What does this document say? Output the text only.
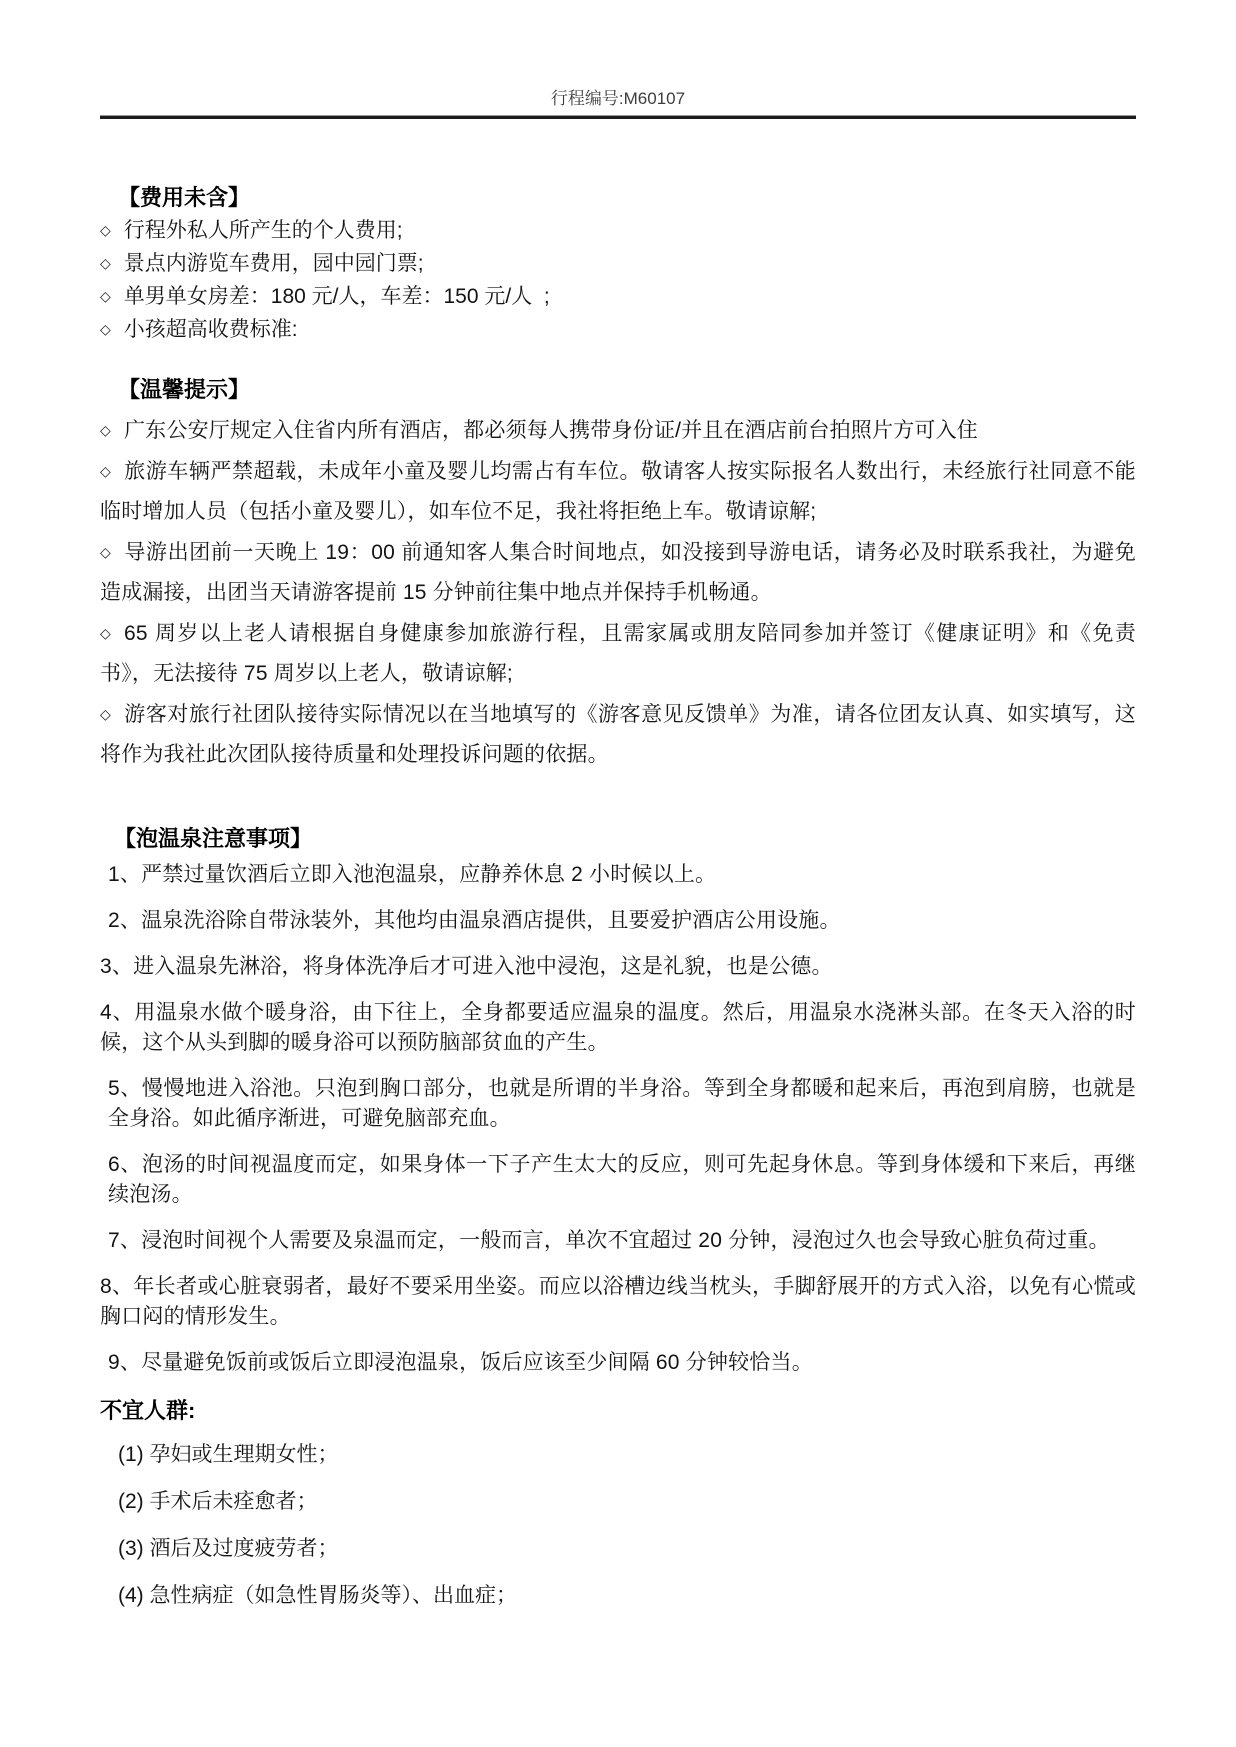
行程编号:M60107
【费用未含】

◇ 行程外私人所产生的个人费用;

◇ 景点内游览车费用，园中园门票;

◇ 单男单女房差：180 元/人，车差：150 元/人  ;

◇ 小孩超高收费标准:

【温馨提示】

◇ 广东公安厅规定入住省内所有酒店，都必须每人携带身份证/并且在酒店前台拍照片方可入住

◇ 旅游车辆严禁超载，未成年小童及婴儿均需占有车位。敬请客人按实际报名人数出行，未经旅行社同意不能临时增加人员（包括小童及婴儿），如车位不足，我社将拒绝上车。敬请谅解;

◇ 导游出团前一天晚上 19：00 前通知客人集合时间地点，如没接到导游电话，请务必及时联系我社，为避免造成漏接，出团当天请游客提前 15 分钟前往集中地点并保持手机畅通。

◇ 65 周岁以上老人请根据自身健康参加旅游行程，且需家属或朋友陪同参加并签订《健康证明》和《免责书》，无法接待 75 周岁以上老人，敬请谅解;

◇ 游客对旅行社团队接待实际情况以在当地填写的《游客意见反馈单》为准，请各位团友认真、如实填写，这将作为我社此次团队接待质量和处理投诉问题的依据。

【泡温泉注意事项】

1、严禁过量饮酒后立即入池泡温泉，应静养休息 2 小时候以上。

2、温泉洗浴除自带泳装外，其他均由温泉酒店提供，且要爱护酒店公用设施。

3、进入温泉先淋浴，将身体洗净后才可进入池中浸泡，这是礼貌，也是公德。

4、用温泉水做个暖身浴，由下往上，全身都要适应温泉的温度。然后，用温泉水浇淋头部。在冬天入浴的时候，这个从头到脚的暖身浴可以预防脑部贫血的产生。

5、慢慢地进入浴池。只泡到胸口部分，也就是所谓的半身浴。等到全身都暖和起来后，再泡到肩膀，也就是全身浴。如此循序渐进，可避免脑部充血。

6、泡汤的时间视温度而定，如果身体一下子产生太大的反应，则可先起身休息。等到身体缓和下来后，再继续泡汤。

7、浸泡时间视个人需要及泉温而定，一般而言，单次不宜超过 20 分钟，浸泡过久也会导致心脏负荷过重。

8、年长者或心脏衰弱者，最好不要采用坐姿。而应以浴槽边线当枕头，手脚舒展开的方式入浴，以免有心慌或胸口闷的情形发生。

9、尽量避免饭前或饭后立即浸泡温泉，饭后应该至少间隔 60 分钟较恰当。

不宜人群:

(1) 孕妇或生理期女性；

(2) 手术后未痊愈者；

(3) 酒后及过度疲劳者；

(4) 急性病症（如急性胃肠炎等）、出血症；
